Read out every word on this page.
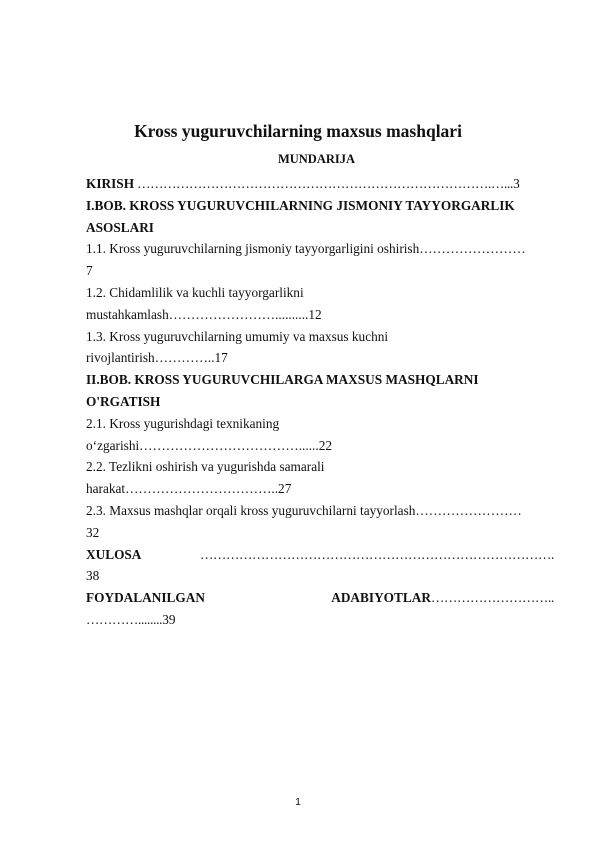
Kross yuguruvchilarning maxsus mashqlari
MUNDARIJA

KIRISH ……………………………………………………………………….…...3

I.BOB. KROSS YUGURUVCHILARNING JISMONIY TAYYORGARLIK

ASOSLARI

1.1. Kross yuguruvchilarning jismoniy tayyorgarligini oshirish……………………

7

1.2. Chidamlilik va kuchli tayyorgarlikni

mustahkamlash……………………..........12

1.3. Kross yuguruvchilarning umumiy va maxsus kuchni

rivojlantirish…………..17

II.BOB. KROSS YUGURUVCHILARGA MAXSUS MASHQLARNI

O'RGATISH

2.1. Kross yugurishdagi texnikaning

o‘zgarishi………………………………......22

2.2. Tezlikni oshirish va yugurishda samarali

harakat……………………………..27

2.3. Maxsus mashqlar orqali kross yuguruvchilarni tayyorlash……………………

32

XULOSA	……………………………………………………………………….

38

FOYDALANILGAN	ADABIYOTLAR ………………………..

…………........39

1
